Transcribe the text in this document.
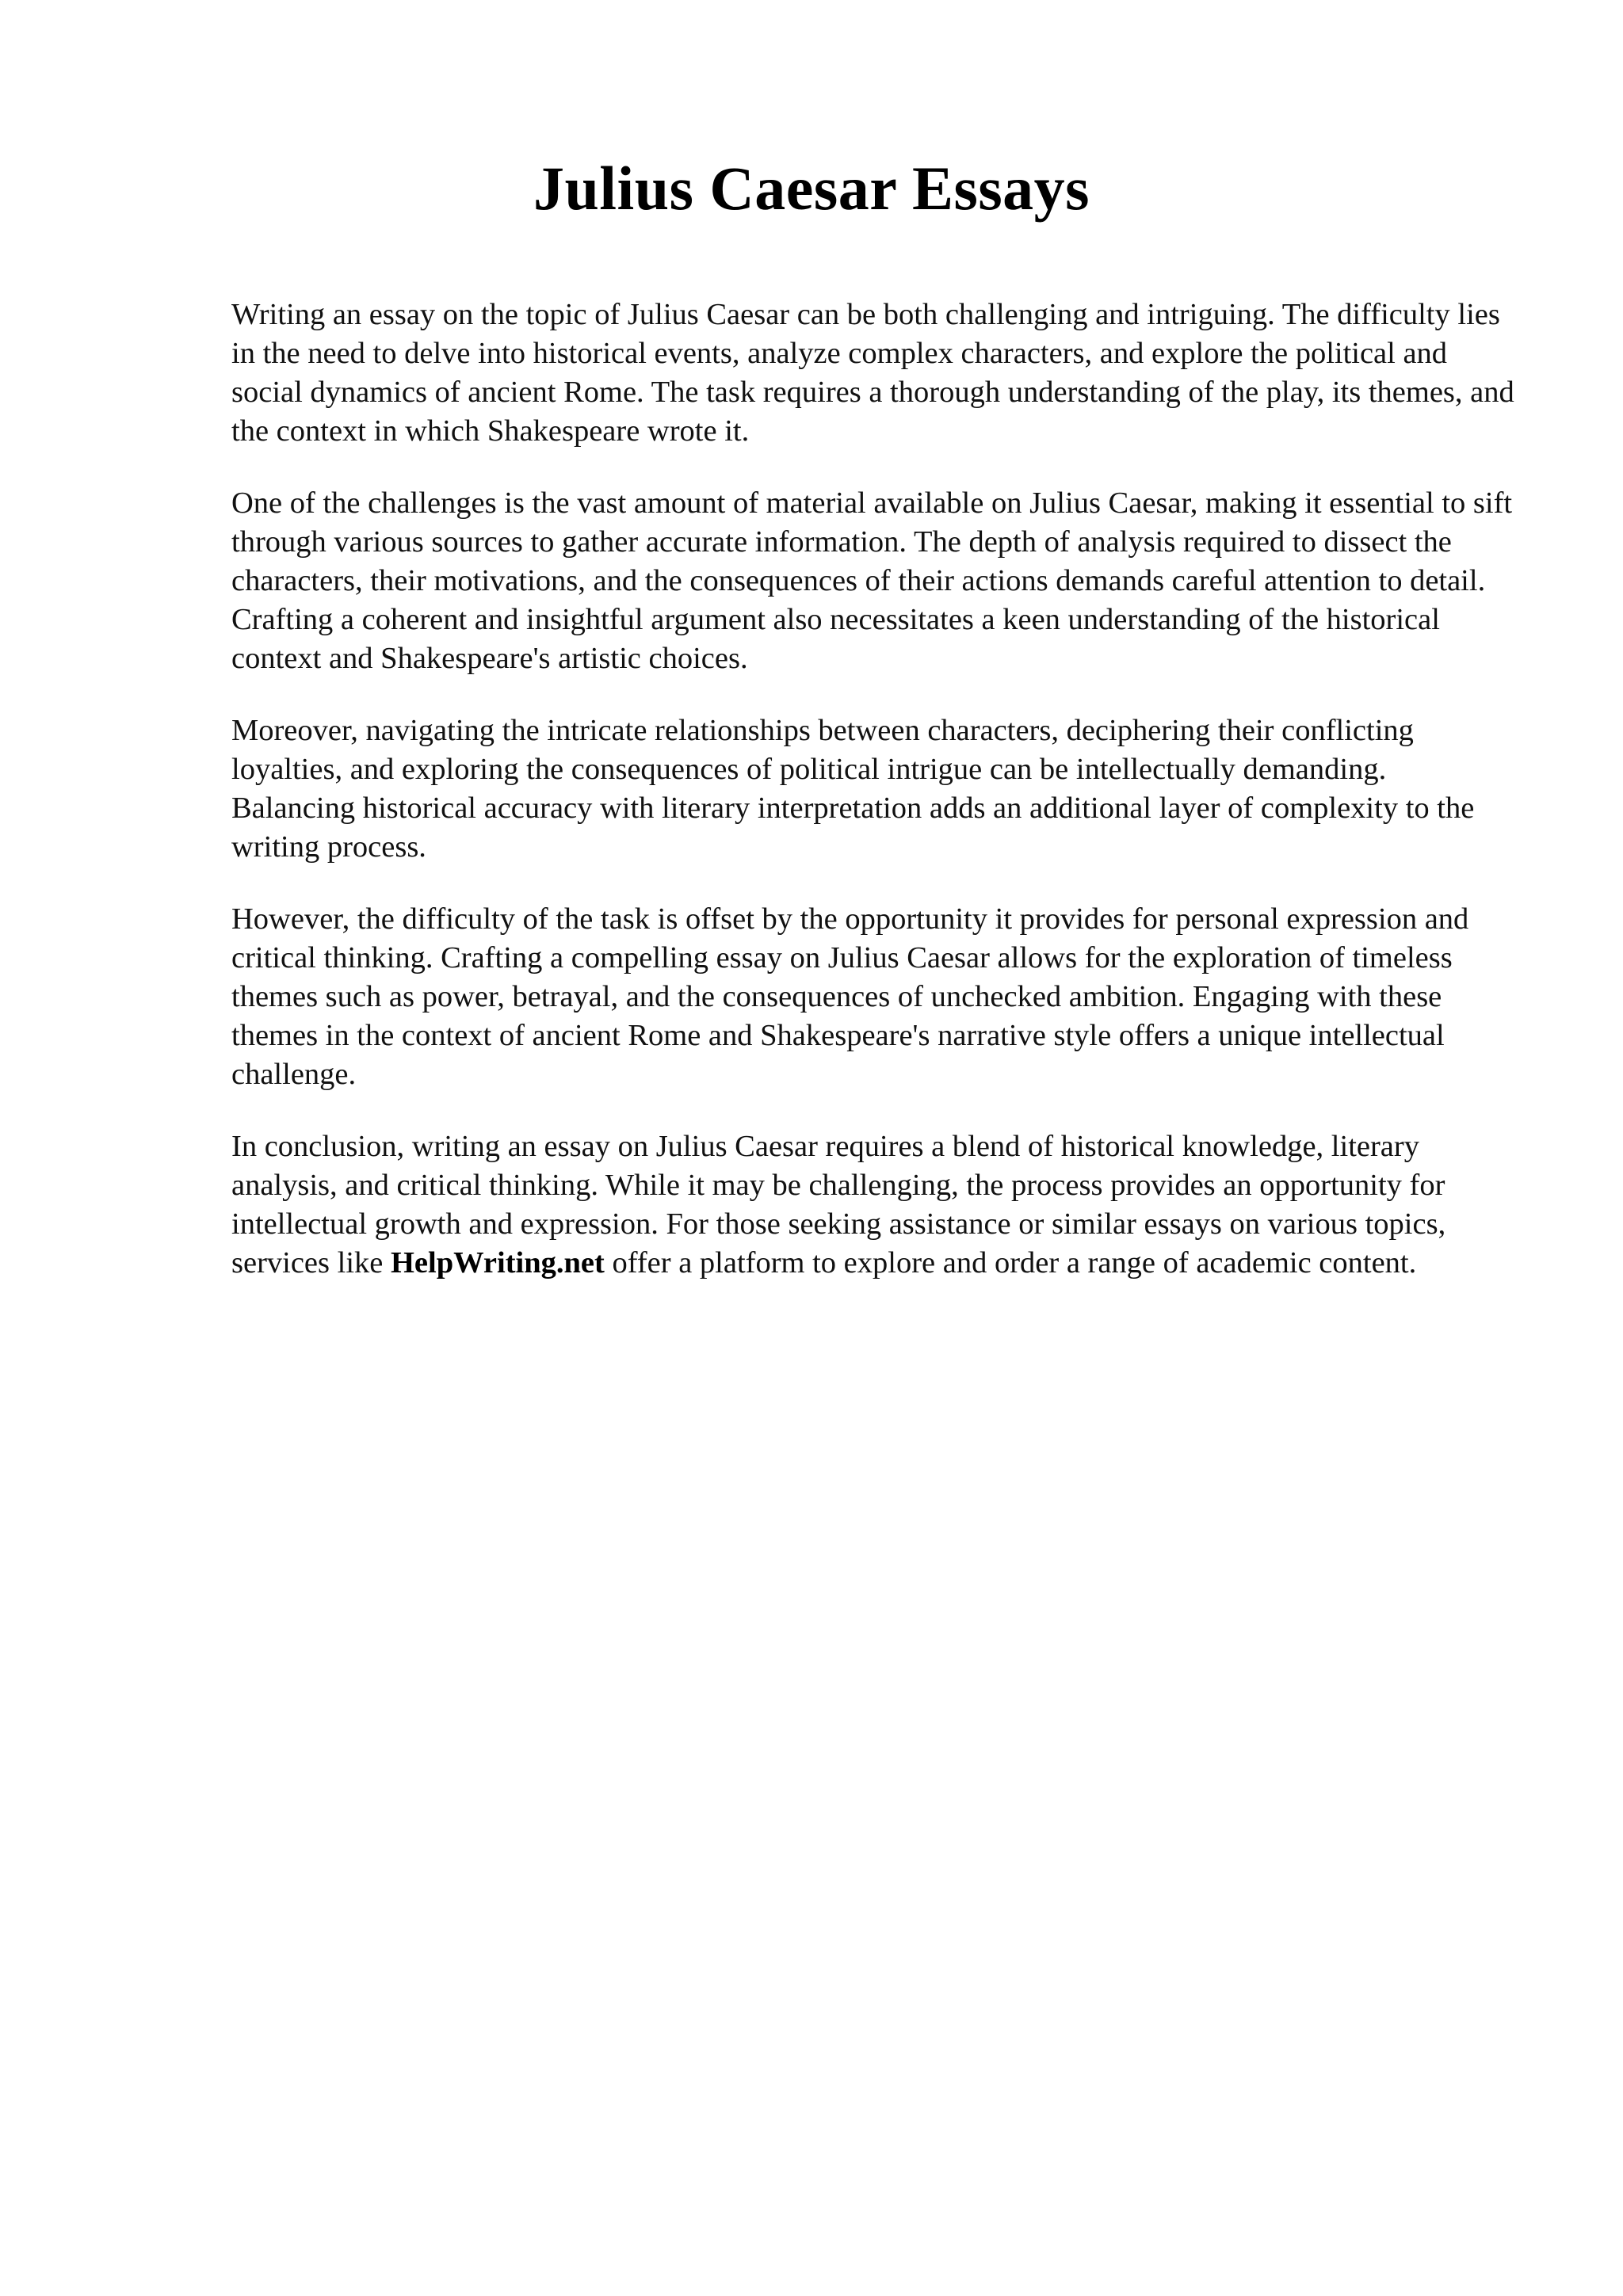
Julius Caesar Essays

Writing an essay on the topic of Julius Caesar can be both challenging and intriguing. The difficulty lies in the need to delve into historical events, analyze complex characters, and explore the political and social dynamics of ancient Rome. The task requires a thorough understanding of the play, its themes, and the context in which Shakespeare wrote it.

One of the challenges is the vast amount of material available on Julius Caesar, making it essential to sift through various sources to gather accurate information. The depth of analysis required to dissect the characters, their motivations, and the consequences of their actions demands careful attention to detail. Crafting a coherent and insightful argument also necessitates a keen understanding of the historical context and Shakespeare's artistic choices.

Moreover, navigating the intricate relationships between characters, deciphering their conflicting loyalties, and exploring the consequences of political intrigue can be intellectually demanding. Balancing historical accuracy with literary interpretation adds an additional layer of complexity to the writing process.

However, the difficulty of the task is offset by the opportunity it provides for personal expression and critical thinking. Crafting a compelling essay on Julius Caesar allows for the exploration of timeless themes such as power, betrayal, and the consequences of unchecked ambition. Engaging with these themes in the context of ancient Rome and Shakespeare's narrative style offers a unique intellectual challenge.

In conclusion, writing an essay on Julius Caesar requires a blend of historical knowledge, literary analysis, and critical thinking. While it may be challenging, the process provides an opportunity for intellectual growth and expression. For those seeking assistance or similar essays on various topics, services like HelpWriting.net offer a platform to explore and order a range of academic content.
